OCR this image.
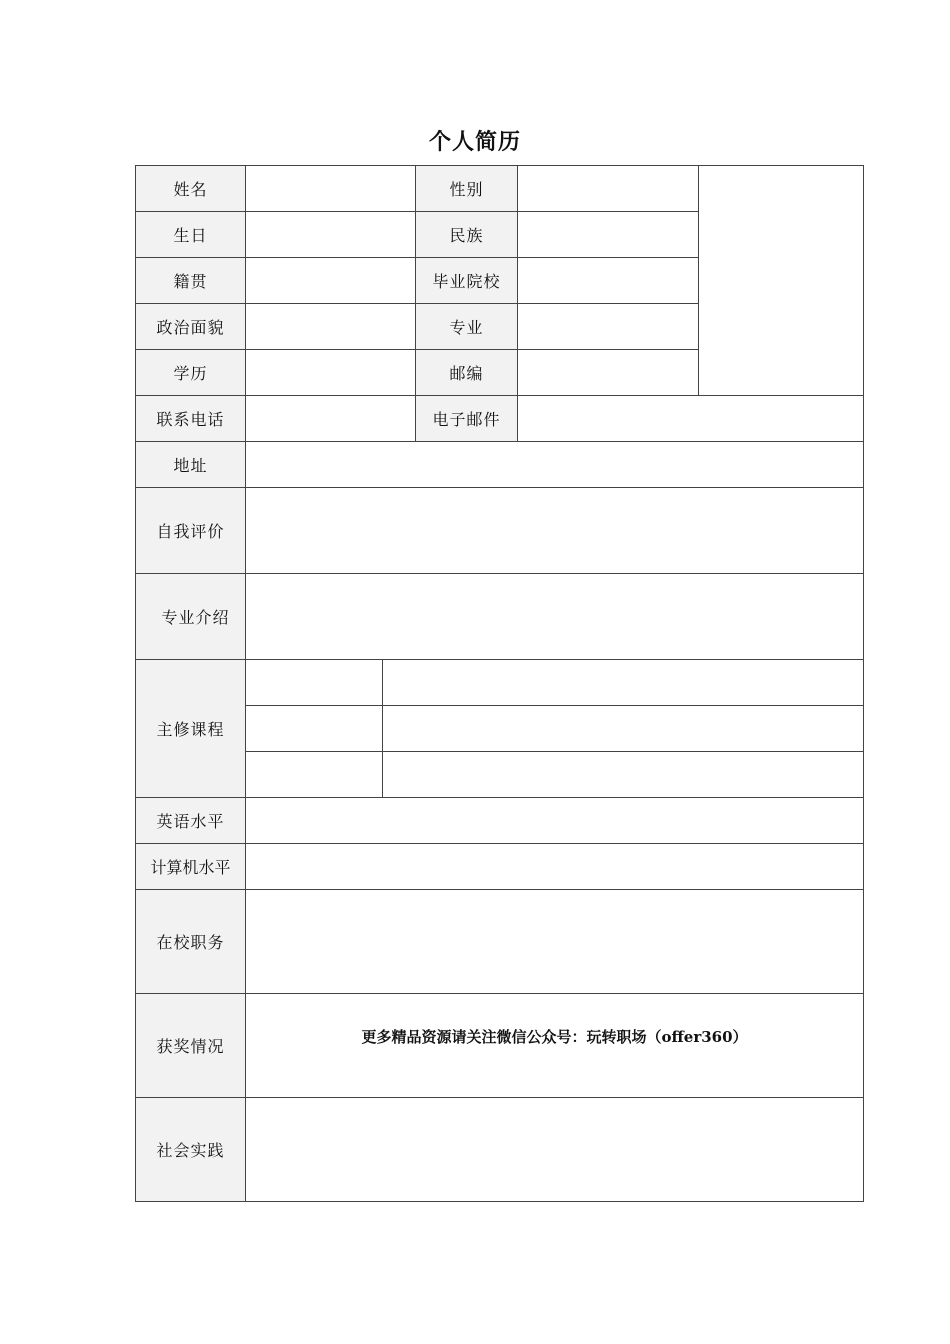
个人简历
姓名	性别
生日	民族
籍贯	毕业院校
政治面貌	专业
学历	邮编
联系电话	电子邮件
地址
自我评价
专业介绍
主修课程
英语水平
计算机水平
在校职务
获奖情况	更多精品资源请关注微信公众号：玩转职场（offer360）
社会实践
